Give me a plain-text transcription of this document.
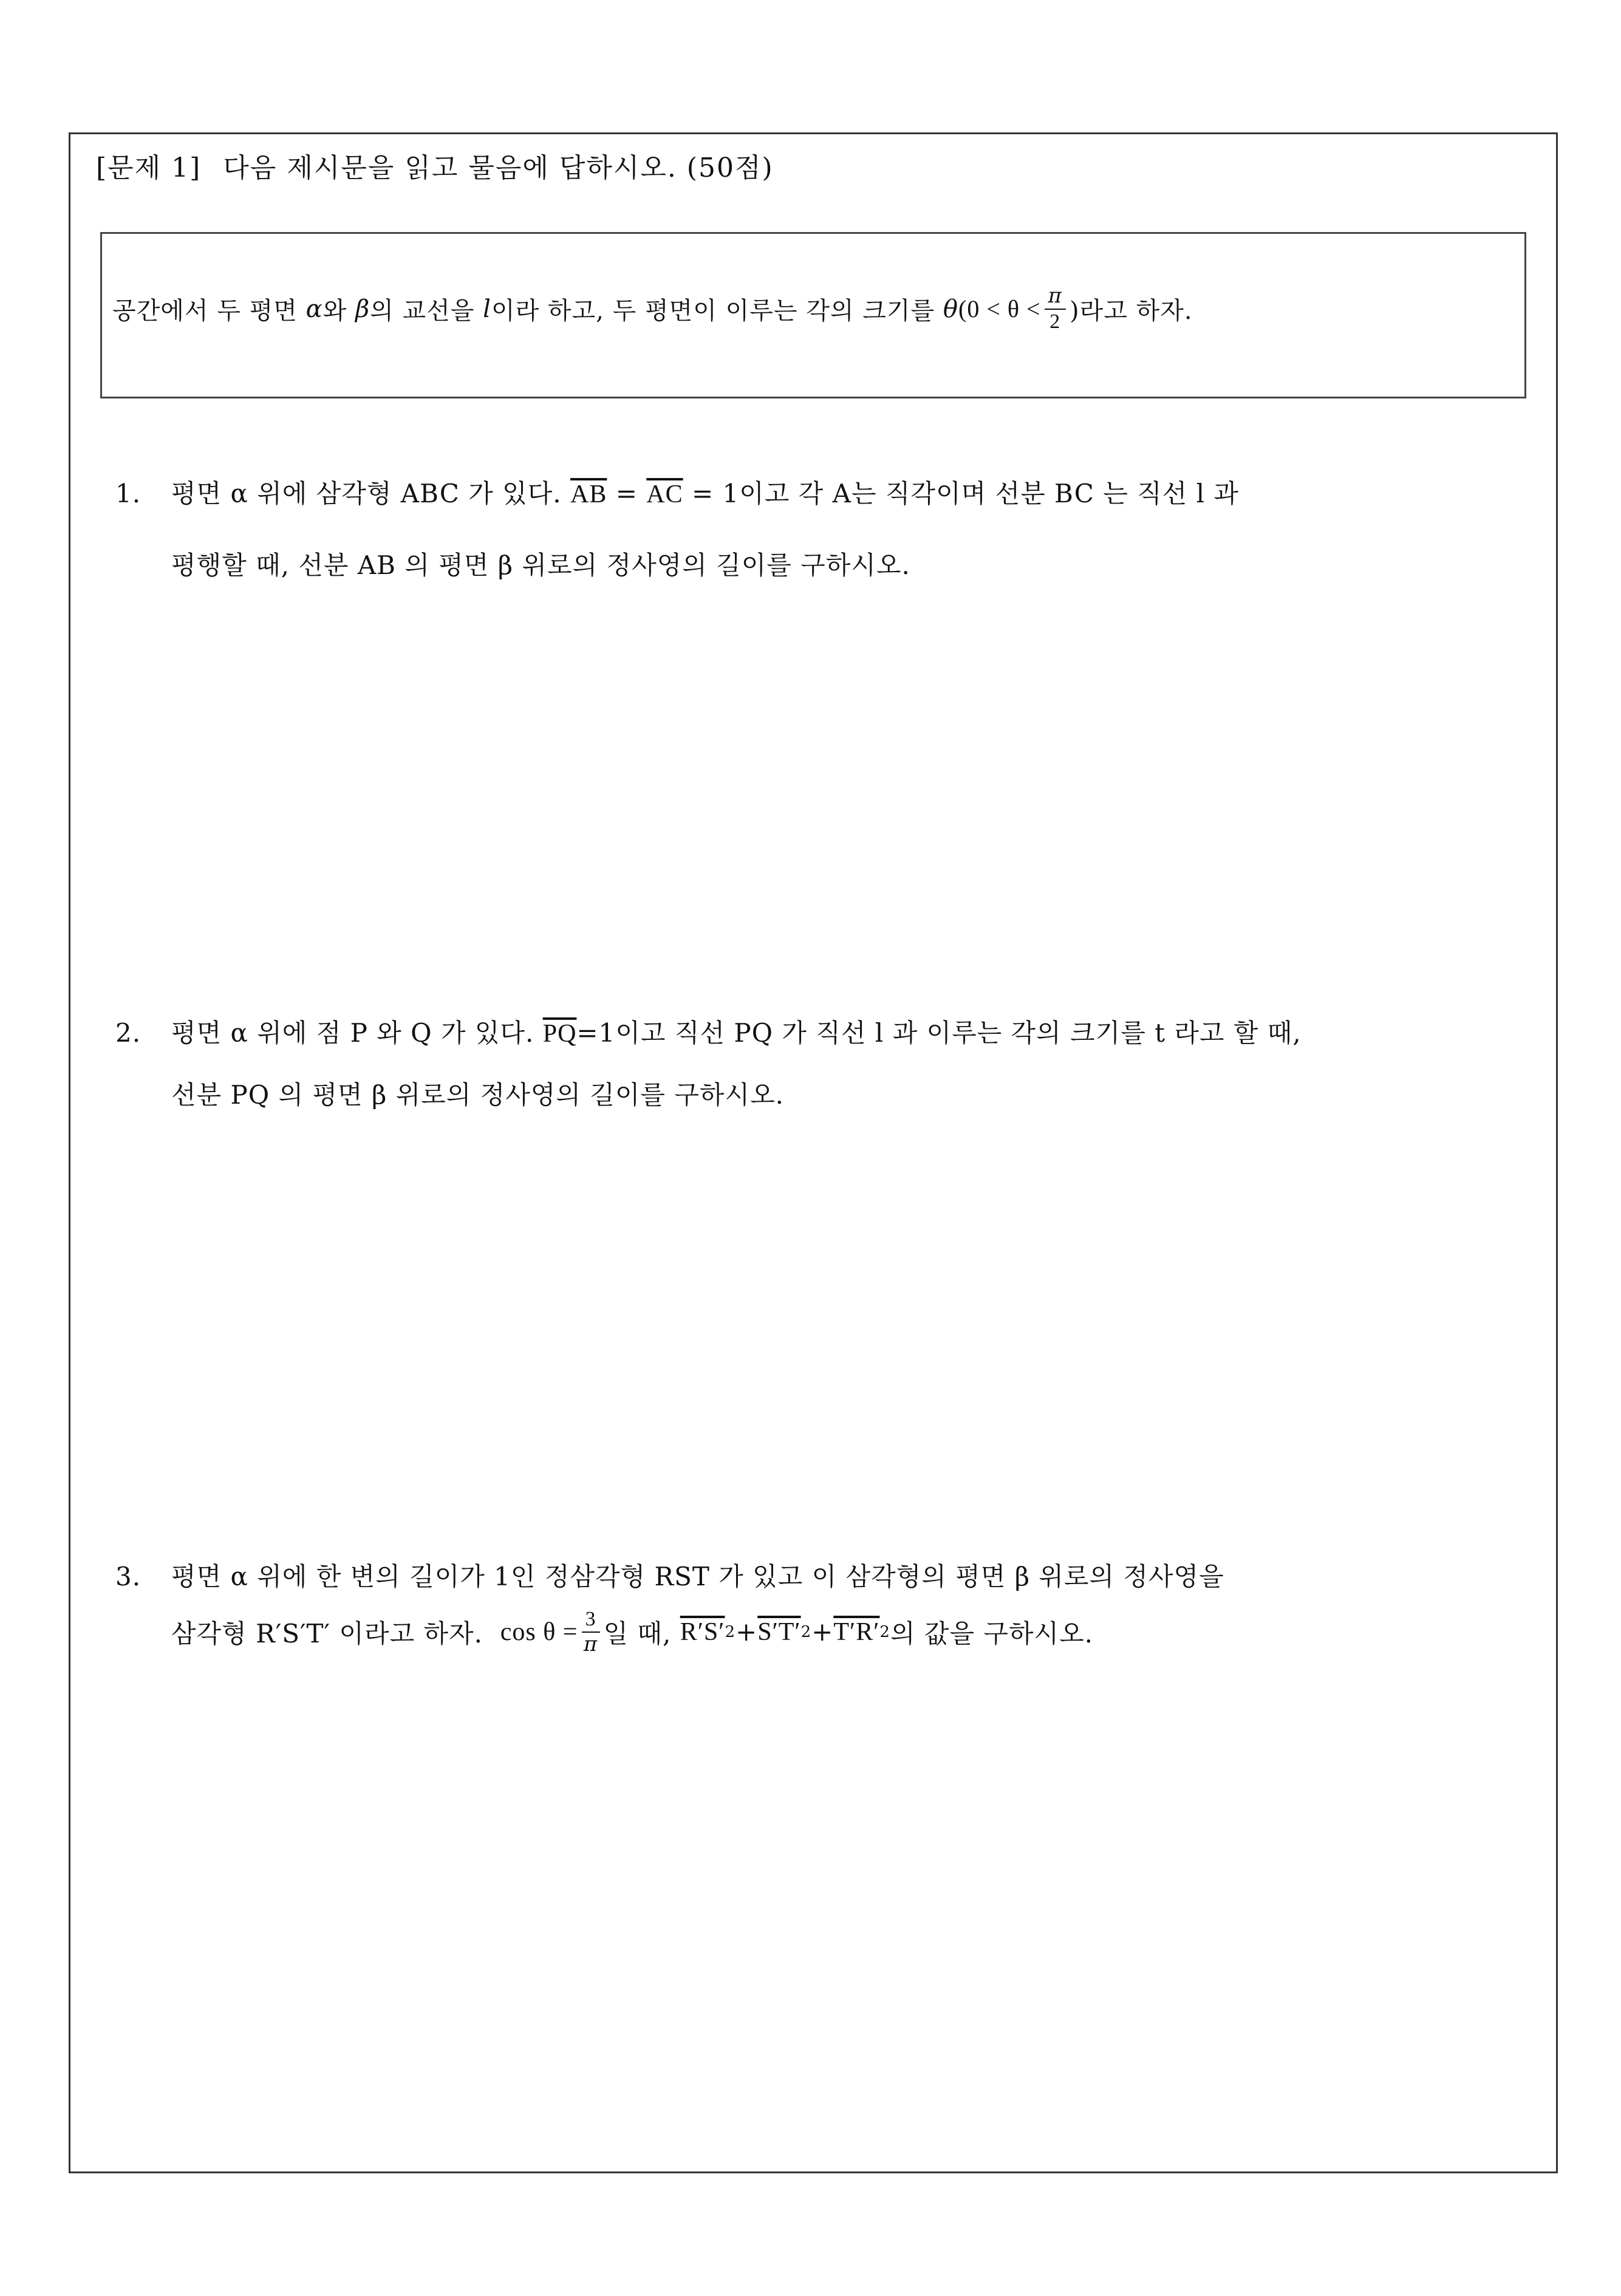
[문제 1] 다음 제시문을 읽고 물음에 답하시오. (50점)
공간에서 두 평면
α 와
β 의 교선을
l 이라 하고, 두 평면이 이루는 각의 크기를
θ ($0 < \theta < \frac{\pi}{2}$ )라고 하자.
1. 평면 α 위에 삼각형 ABC 가 있다. $\overline{AB} = \overline{AC} = 1$이고 각 A는 직각이며 선분 BC 는 직선 l 과
평행할 때, 선분 AB 의 평면 β 위로의 정사영의 길이를 구하시오.
2. 평면 α 위에 점 P 와 Q 가 있다. $\overline{PQ}=1$이고 직선 PQ 가 직선 l 과 이루는 각의 크기를 t 라고 할 때,
선분 PQ 의 평면 β 위로의 정사영의 길이를 구하시오.
3. 평면 α 위에 한 변의 길이가 1인 정삼각형 RST 가 있고 이 삼각형의 평면 β 위로의 정사영을
삼각형 R′S′T′ 이라고 하자.
$\cos \theta = \frac{3}{\pi}$ 일 때,
R′S′ 2 + S′T′ 2 + T′R′ 2 의 값을 구하시오.
